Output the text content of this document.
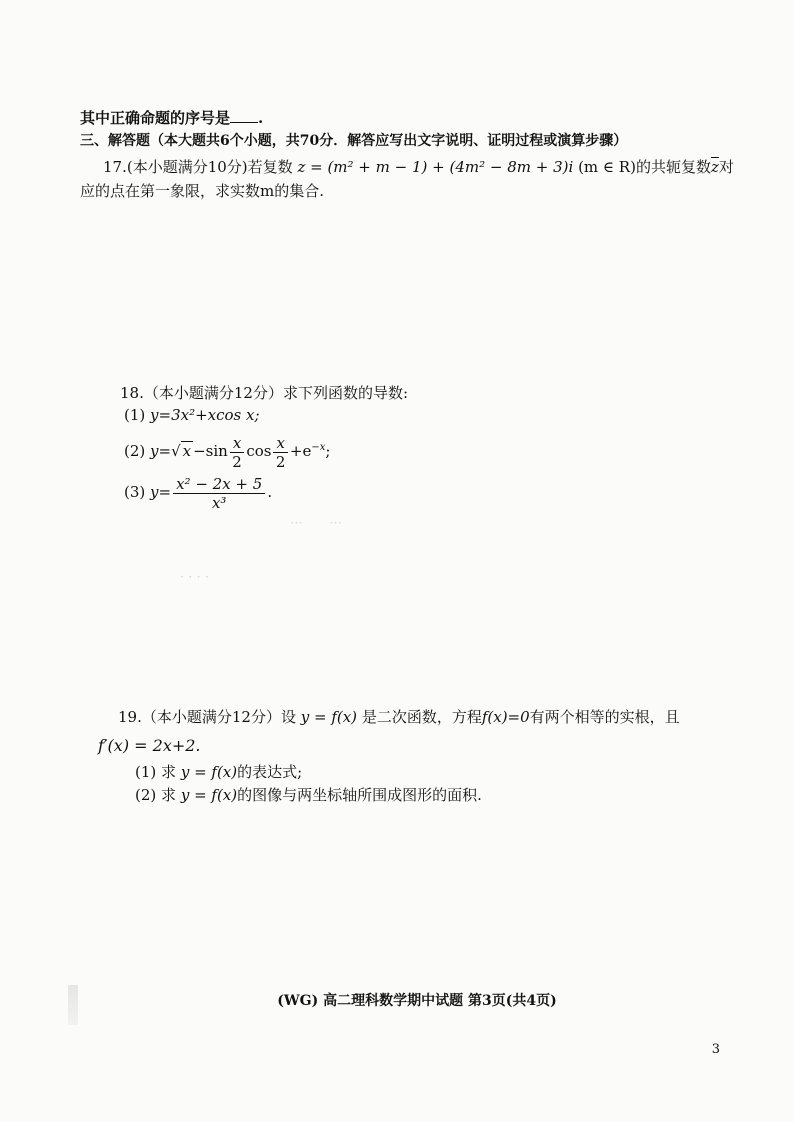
⋯　　⋯
· · · ·
其中正确命题的序号是 .
三、解答题（本大题共6个小题，共70分．解答应写出文字说明、证明过程或演算步骤）
17.(本小题满分10分)若复数 z = (m² + m − 1) + (4m² − 8m + 3)i (m ∈ R)的共轭复数$\overline{z}$对
应的点在第一象限，求实数m的集合.
18.（本小题满分12分）求下列函数的导数:
(1) y=3x²+xcos x;
(2) y=√ $x -\sin \frac{x}{2}$ $\cos \frac{x}{2} +e^{-x}$;
(3) $y= \frac{\text{x² − 2x + 5}}{\text{x³}}$ .
19.（本小题满分12分）设 y = f(x) 是二次函数，方程f(x)=0有两个相等的实根，且
f′(x) = 2x+2.
(1) 求 y = f(x)的表达式;
(2) 求 y = f(x)的图像与两坐标轴所围成图形的面积.
(WG) 高二理科数学期中试题 第3页(共4页)
3
